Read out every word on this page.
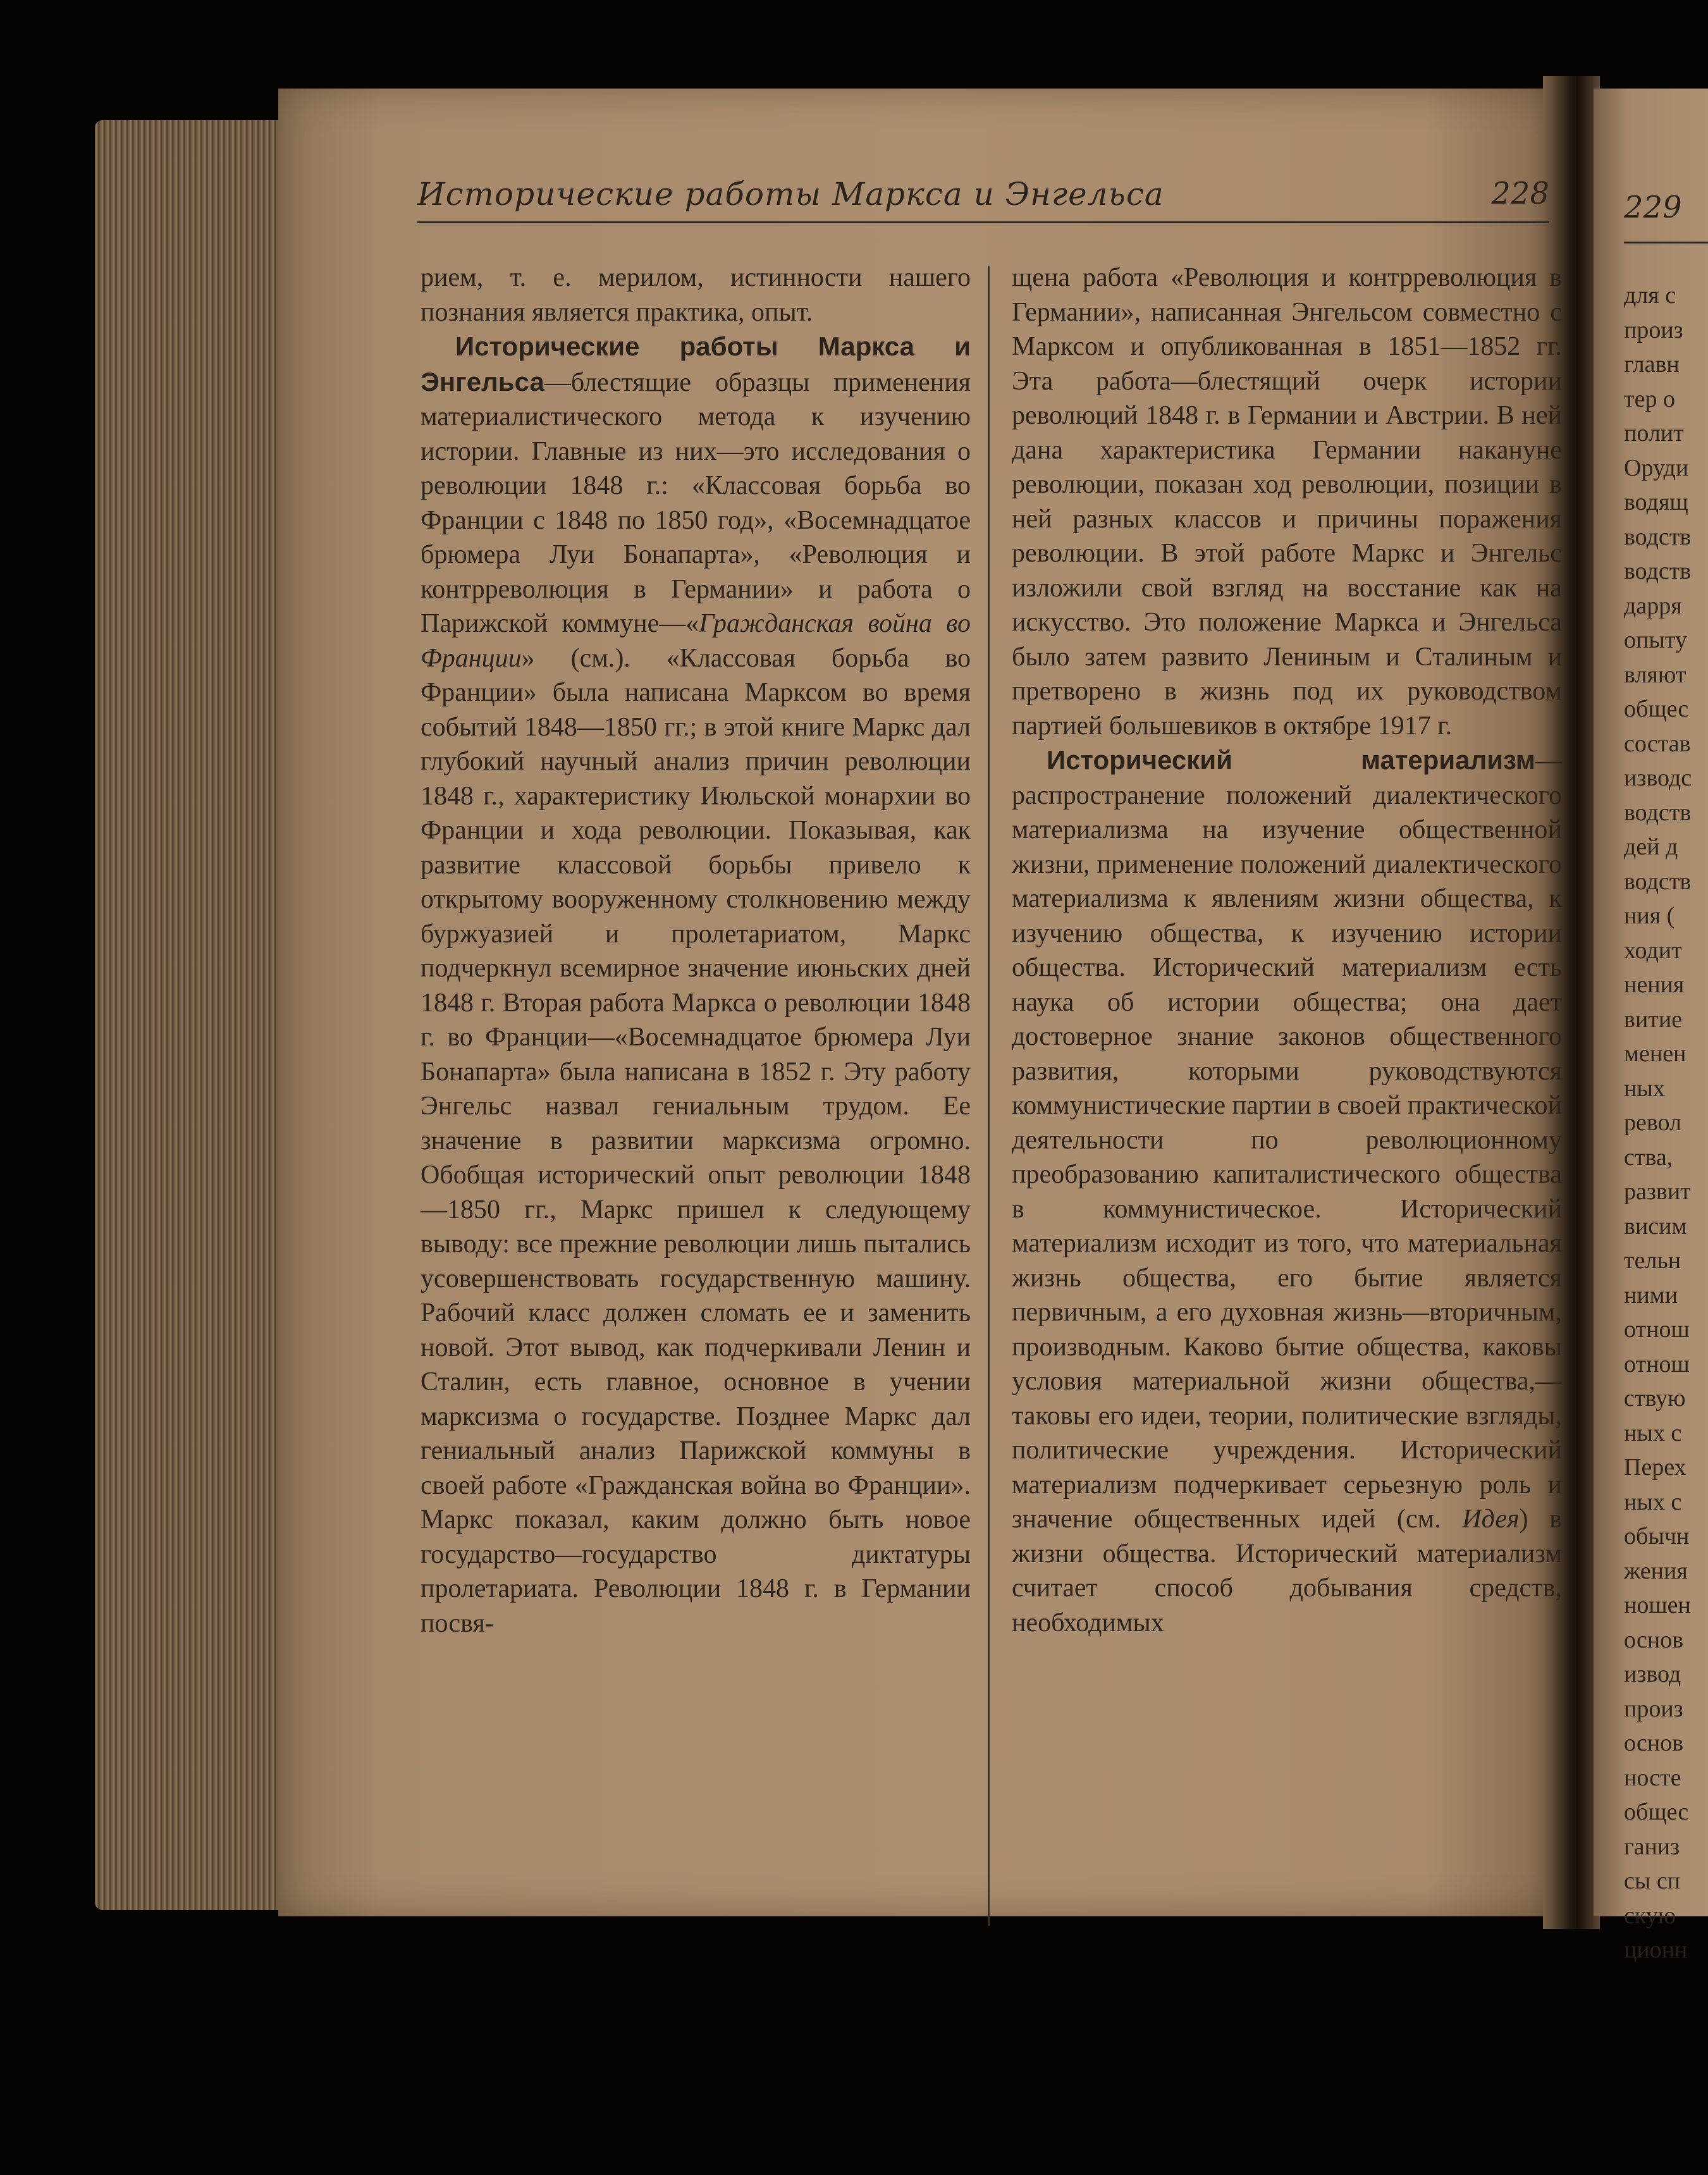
Исторические работы Маркса и Энгельса	228

рием, т. е. мерилом, истинности нашего познания является практика, опыт.

Исторические работы Маркса и Энгельса—блестящие образцы применения материалистического метода к изучению истории. Главные из них—это исследования о революции 1848 г.: «Классовая борьба во Франции с 1848 по 1850 год», «Восемнадцатое брюмера Луи Бонапарта», «Революция и контрреволюция в Германии» и работа о Парижской коммуне—«Гражданская война во Франции» (см.). «Классовая борьба во Франции» была написана Марксом во время событий 1848—1850 гг.; в этой книге Маркс дал глубокий научный анализ причин революции 1848 г., характеристику Июльской монархии во Франции и хода революции. Показывая, как развитие классовой борьбы привело к открытому вооруженному столкновению между буржуазией и пролетариатом, Маркс подчеркнул всемирное значение июньских дней 1848 г. Вторая работа Маркса о революции 1848 г. во Франции—«Восемнадцатое брюмера Луи Бонапарта» была написана в 1852 г. Эту работу Энгельс назвал гениальным трудом. Ее значение в развитии марксизма огромно. Обобщая исторический опыт революции 1848—1850 гг., Маркс пришел к следующему выводу: все прежние революции лишь пытались усовершенствовать государственную машину. Рабочий класс должен сломать ее и заменить новой. Этот вывод, как подчеркивали Ленин и Сталин, есть главное, основное в учении марксизма о государстве. Позднее Маркс дал гениальный анализ Парижской коммуны в своей работе «Гражданская война во Франции». Маркс показал, каким должно быть новое государство—государство диктатуры пролетариата. Революции 1848 г. в Германии посвя-

щена работа «Революция и контрреволюция в Германии», написанная Энгельсом совместно с Марксом и опубликованная в 1851—1852 гг. Эта работа—блестящий очерк истории революций 1848 г. в Германии и Австрии. В ней дана характеристика Германии накануне революции, показан ход революции, позиции в ней разных классов и причины поражения революции. В этой работе Маркс и Энгельс изложили свой взгляд на восстание как на искусство. Это положение Маркса и Энгельса было затем развито Лениным и Сталиным и претворено в жизнь под их руководством партией большевиков в октябре 1917 г.

Исторический материализм—распространение положений диалектического материализма на изучение общественной жизни, применение положений диалектического материализма к явлениям жизни общества, к изучению общества, к изучению истории общества. Исторический материализм есть наука об истории общества; она дает достоверное знание законов общественного развития, которыми руководствуются коммунистические партии в своей практической деятельности по революционному преобразованию капиталистического общества в коммунистическое. Исторический материализм исходит из того, что материальная жизнь общества, его бытие является первичным, а его духовная жизнь—вторичным, производным. Каково бытие общества, каковы условия материальной жизни общества,—таковы его идеи, теории, политические взгляды, политические учреждения. Исторический материализм подчеркивает серьезную роль и значение общественных идей (см. Идея) в жизни общества. Исторический материализм считает способ добывания средств, необходимых

229
для с
произ
главн
тер о
полит
Оруди
водящ
водств
водств
дарря
опыту
вляют
общес
состав
изводс
водств
дей д
водств
ния (
ходит
нения
витие
менен
ных
револ
ства,
развит
висим
тельн
ними
отнош
отнош
ствую
ных с
Перех
ных с
обычн
жения
ношен
основ
извод
произ
основ
носте
общес
ганиз
сы сп
скую
ционн
